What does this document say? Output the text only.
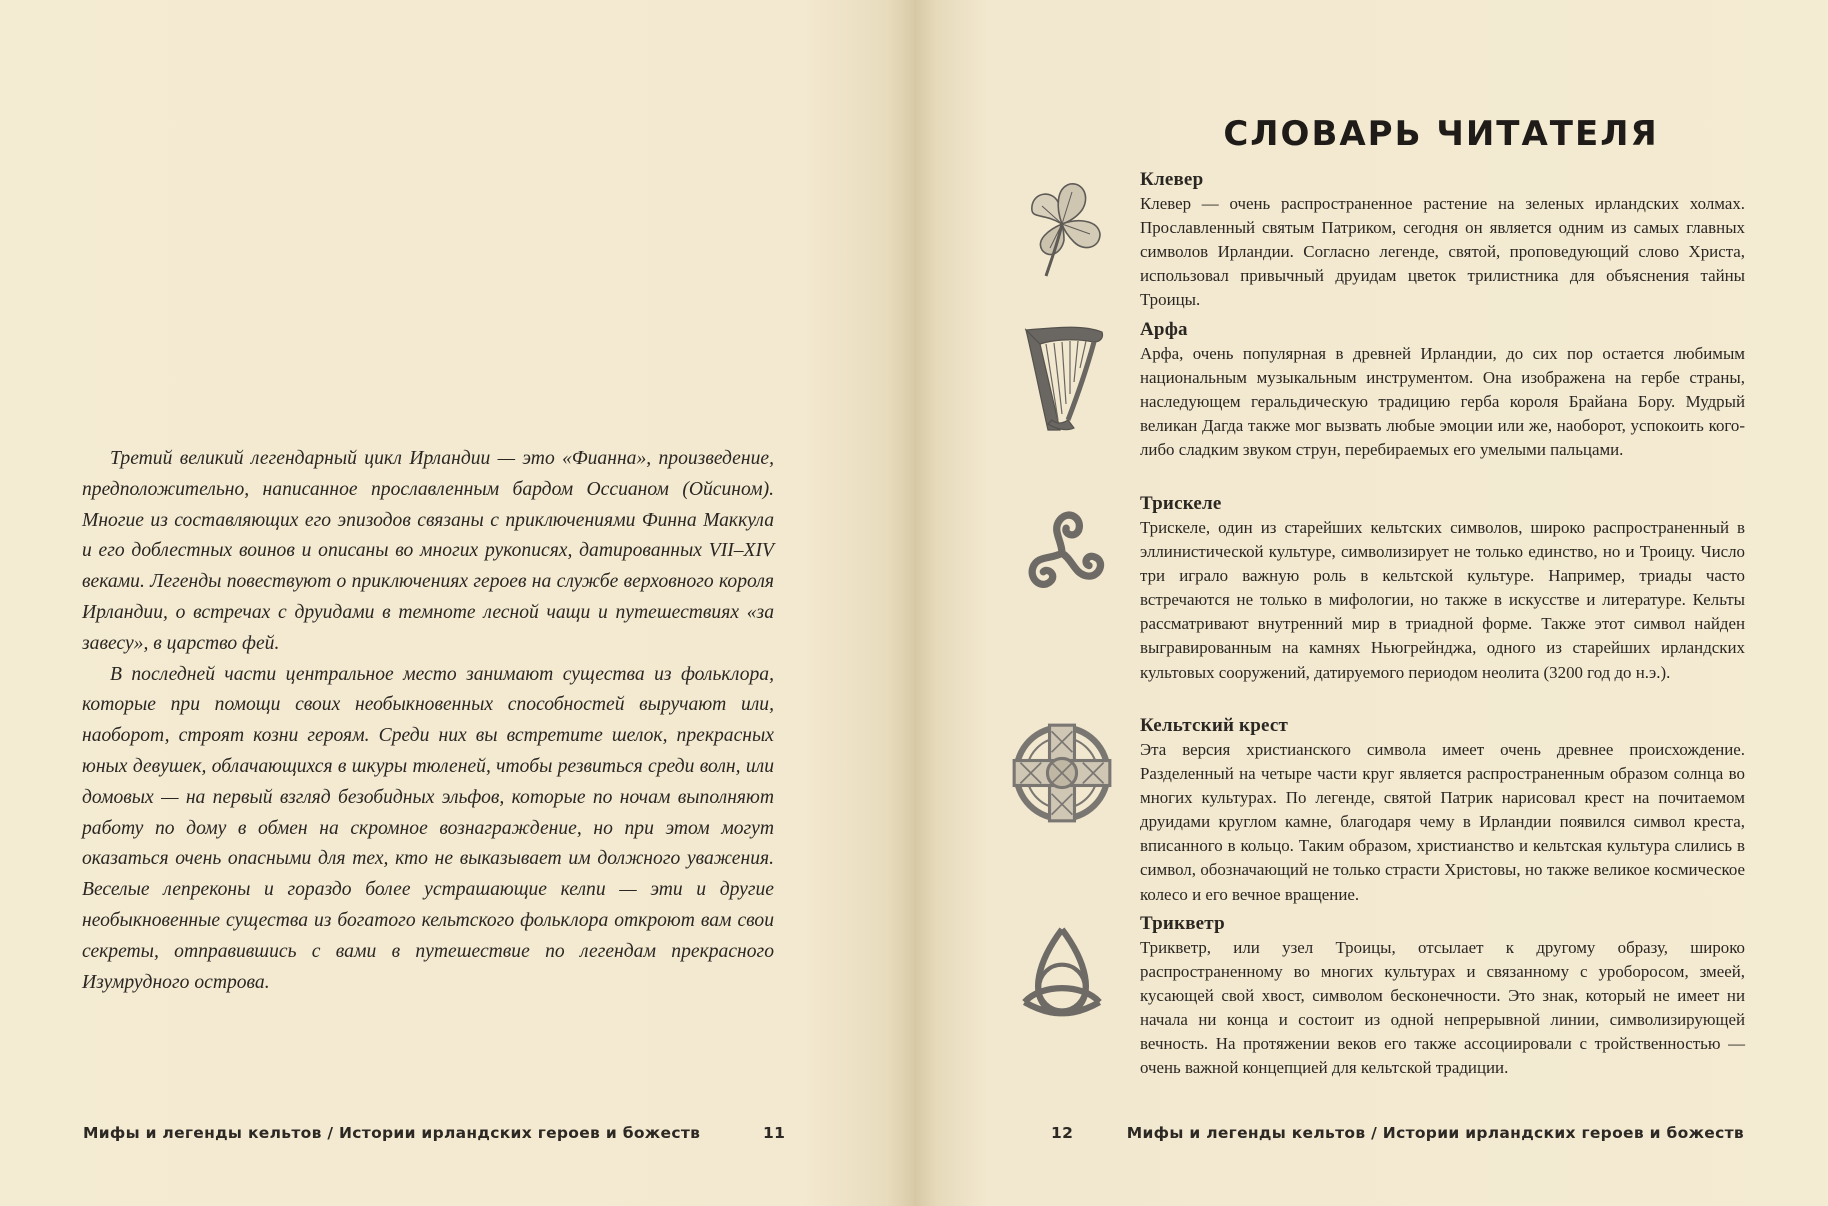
Третий великий легендарный цикл Ирландии — это «Фианна», произведение, предположительно, написанное прославленным бардом Оссианом (Ойсином). Многие из составляющих его эпизодов связаны с приключениями Финна Маккула и его доблестных воинов и описаны во многих рукописях, датированных VII–XIV веками. Легенды повествуют о приключениях героев на службе верховного короля Ирландии, о встречах с друидами в темноте лесной чащи и путешествиях «за завесу», в царство фей.

В последней части центральное место занимают существа из фольклора, которые при помощи своих необыкновенных способностей выручают или, наоборот, строят козни героям. Среди них вы встретите шелок, прекрасных юных девушек, облачающихся в шкуры тюленей, чтобы резвиться среди волн, или домовых — на первый взгляд безобидных эльфов, которые по ночам выполняют работу по дому в обмен на скромное вознаграждение, но при этом могут оказаться очень опасными для тех, кто не выказывает им должного уважения. Веселые лепреконы и гораздо более устрашающие келпи — эти и другие необыкновенные существа из богатого кельтского фольклора откроют вам свои секреты, отправившись с вами в путешествие по легендам прекрасного Изумрудного острова.

Мифы и легенды кельтов / Истории ирландских героев и божеств	11
СЛОВАРЬ ЧИТАТЕЛЯ
Клевер
Клевер — очень распространенное растение на зеленых ирландских холмах. Прославленный святым Патриком, сегодня он является одним из самых главных символов Ирландии. Согласно легенде, святой, проповедующий слово Христа, использовал привычный друидам цветок трилистника для объяснения тайны Троицы.
Арфа
Арфа, очень популярная в древней Ирландии, до сих пор остается любимым национальным музыкальным инструментом. Она изображена на гербе страны, наследующем геральдическую традицию герба короля Брайана Бору. Мудрый великан Дагда также мог вызвать любые эмоции или же, наоборот, успокоить кого-либо сладким звуком струн, перебираемых его умелыми пальцами.
Трискеле
Трискеле, один из старейших кельтских символов, широко распространенный в эллинистической культуре, символизирует не только единство, но и Троицу. Число три играло важную роль в кельтской культуре. Например, триады часто встречаются не только в мифологии, но также в искусстве и литературе. Кельты рассматривают внутренний мир в триадной форме. Также этот символ найден выгравированным на камнях Ньюгрейнджа, одного из старейших ирландских культовых сооружений, датируемого периодом неолита (3200 год до н.э.).
Кельтский крест
Эта версия христианского символа имеет очень древнее происхождение. Разделенный на четыре части круг является распространенным образом солнца во многих культурах. По легенде, святой Патрик нарисовал крест на почитаемом друидами круглом камне, благодаря чему в Ирландии появился символ креста, вписанного в кольцо. Таким образом, христианство и кельтская культура слились в символ, обозначающий не только страсти Христовы, но также великое космическое колесо и его вечное вращение.
Трикветр
Трикветр, или узел Троицы, отсылает к другому образу, широко распространенному во многих культурах и связанному с уроборосом, змеей, кусающей свой хвост, символом бесконечности. Это знак, который не имеет ни начала ни конца и состоит из одной непрерывной линии, символизирующей вечность. На протяжении веков его также ассоциировали с тройственностью — очень важной концепцией для кельтской традиции.
12	Мифы и легенды кельтов / Истории ирландских героев и божеств
